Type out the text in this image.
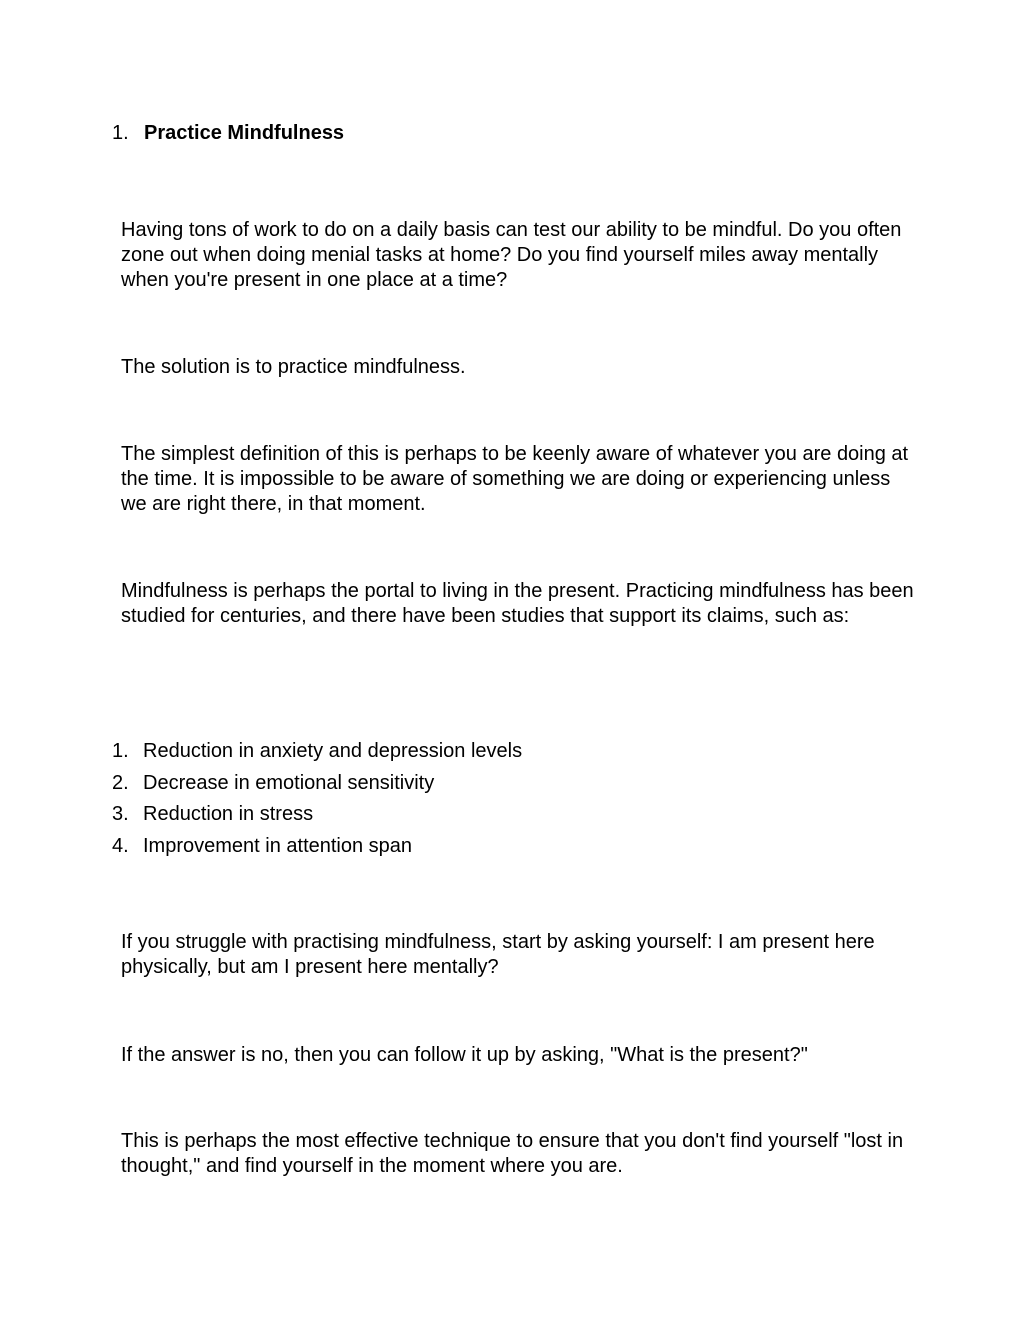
1. Practice Mindfulness

Having tons of work to do on a daily basis can test our ability to be mindful. Do you often zone out when doing menial tasks at home? Do you find yourself miles away mentally when you're present in one place at a time?

The solution is to practice mindfulness.

The simplest definition of this is perhaps to be keenly aware of whatever you are doing at the time. It is impossible to be aware of something we are doing or experiencing unless we are right there, in that moment.

Mindfulness is perhaps the portal to living in the present. Practicing mindfulness has been studied for centuries, and there have been studies that support its claims, such as:

1. Reduction in anxiety and depression levels
2. Decrease in emotional sensitivity
3. Reduction in stress
4. Improvement in attention span

If you struggle with practising mindfulness, start by asking yourself: I am present here physically, but am I present here mentally?

If the answer is no, then you can follow it up by asking, "What is the present?"

This is perhaps the most effective technique to ensure that you don't find yourself "lost in thought," and find yourself in the moment where you are.
